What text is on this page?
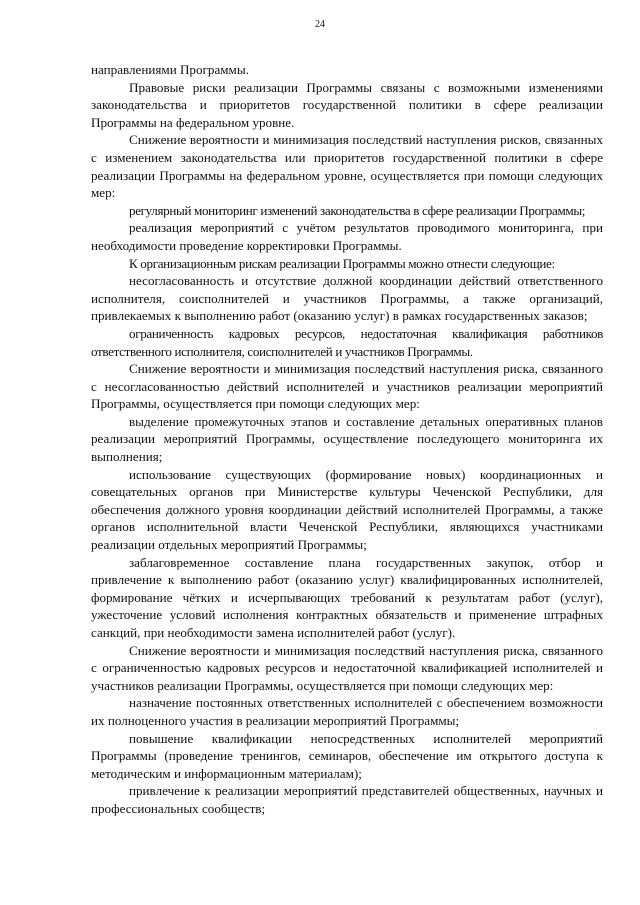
24

направлениями Программы.

Правовые риски реализации Программы связаны с возможными изменениями законодательства и приоритетов государственной политики в сфере реализации Программы на федеральном уровне.

Снижение вероятности и минимизация последствий наступления рисков, связанных с изменением законодательства или приоритетов государственной политики в сфере реализации Программы на федеральном уровне, осуществляется при помощи следующих мер:

регулярный мониторинг изменений законодательства в сфере реализации Программы;

реализация мероприятий с учётом результатов проводимого мониторинга, при необходимости проведение корректировки Программы.

К организационным рискам реализации Программы можно отнести следующие:

несогласованность и отсутствие должной координации действий ответственного исполнителя, соисполнителей и участников Программы, а также организаций, привлекаемых к выполнению работ (оказанию услуг) в рамках государственных заказов;

ограниченность кадровых ресурсов, недостаточная квалификация работников ответственного исполнителя, соисполнителей и участников Программы.

Снижение вероятности и минимизация последствий наступления риска, связанного с несогласованностью действий исполнителей и участников реализации мероприятий Программы, осуществляется при помощи следующих мер:

выделение промежуточных этапов и составление детальных оперативных планов реализации мероприятий Программы, осуществление последующего мониторинга их выполнения;

использование существующих (формирование новых) координационных и совещательных органов при Министерстве культуры Чеченской Республики, для обеспечения должного уровня координации действий исполнителей Программы, а также органов исполнительной власти Чеченской Республики, являющихся участниками реализации отдельных мероприятий Программы;

заблаговременное составление плана государственных закупок, отбор и привлечение к выполнению работ (оказанию услуг) квалифицированных исполнителей, формирование чётких и исчерпывающих требований к результатам работ (услуг), ужесточение условий исполнения контрактных обязательств и применение штрафных санкций, при необходимости замена исполнителей работ (услуг).

Снижение вероятности и минимизация последствий наступления риска, связанного с ограниченностью кадровых ресурсов и недостаточной квалификацией исполнителей и участников реализации Программы, осуществляется при помощи следующих мер:

назначение постоянных ответственных исполнителей с обеспечением возможности их полноценного участия в реализации мероприятий Программы;

повышение квалификации непосредственных исполнителей мероприятий Программы (проведение тренингов, семинаров, обеспечение им открытого доступа к методическим и информационным материалам);

привлечение к реализации мероприятий представителей общественных, научных и профессиональных сообществ;
